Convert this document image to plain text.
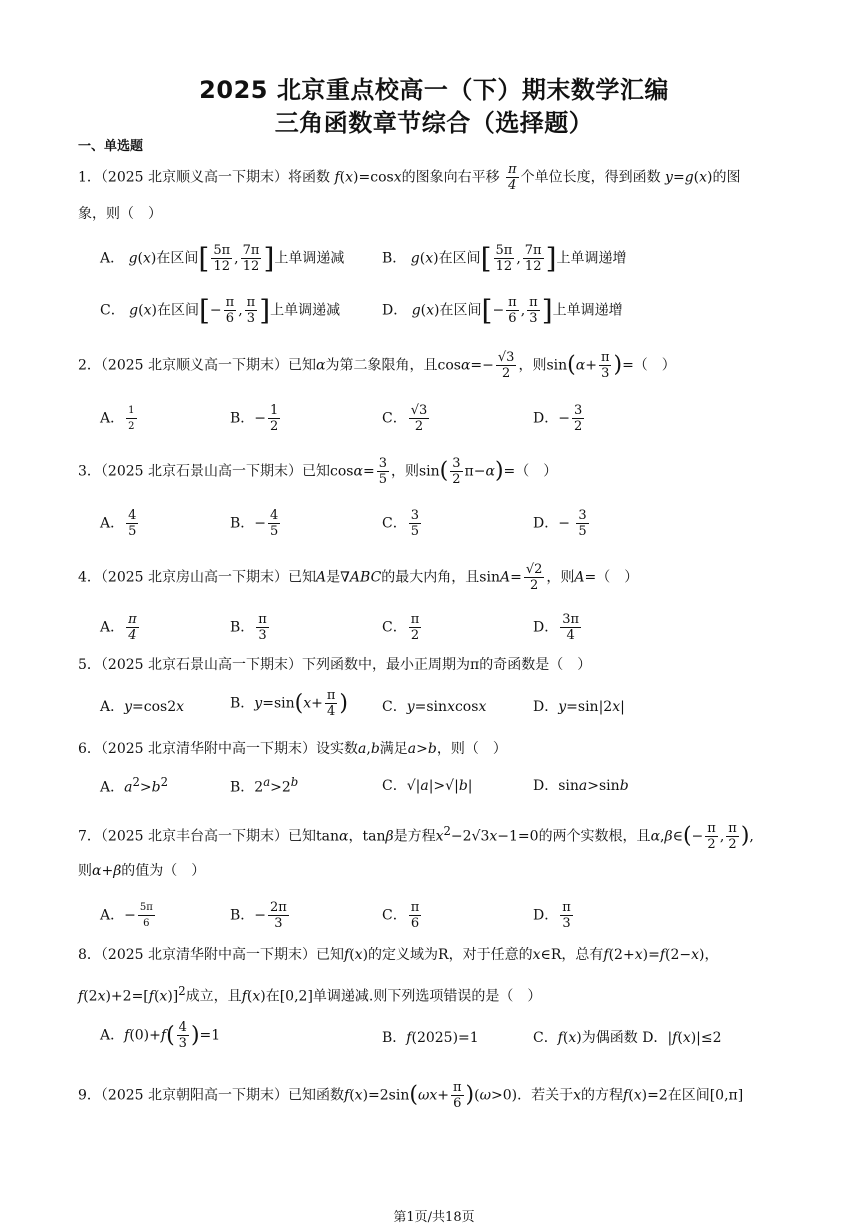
2025 北京重点校高一（下）期末数学汇编
三角函数章节综合（选择题）
一、单选题
1．（2025 北京顺义高一下期末）将函数 f(x)=cosx的图象向右平移 $\frac{\pi}{4}$ 个单位长度，得到函数 y=g(x)的图
象，则（　）
A． g(x)在区间[ $\frac{5\pi}{12}$ , $\frac{7\pi}{12}$ ]上单调递减	B． g(x)在区间[ $\frac{5\pi}{12}$ , $\frac{7\pi}{12}$ ]上单调递增
C． g(x)在区间[− $\frac{\pi}{6}$ , $\frac{\pi}{3}$ ]上单调递减	D． g(x)在区间[− $\frac{\pi}{6}$ , $\frac{\pi}{3}$ ]上单调递增
2．（2025 北京顺义高一下期末）已知α为第二象限角，且$\cos\alpha=- \frac{√3}{2}$ ，则$\sin(\alpha+ \frac{\pi}{3}$ )=（　）
A． $\frac{1}{2}$	B．− $\frac{1}{2}$	C． $\frac{√3}{2}$	D．− $\frac{3}{2}$
3．（2025 北京石景山高一下期末）已知$\cos\alpha= \frac{3}{5}$ ，则$\sin( \frac{3}{2} \pi-\alpha)=$（　）
A． $\frac{4}{5}$	B．− $\frac{4}{5}$	C． $\frac{3}{5}$	D．− $\frac{3}{5}$
4．（2025 北京房山高一下期末）已知A是∇ABC的最大内角，且$\sin A= \frac{√2}{2}$ ，则A=（　）
A． $\frac{\pi}{4}$	B． $\frac{\pi}{3}$	C． $\frac{\pi}{2}$	D． $\frac{3\pi}{4}$
5．（2025 北京石景山高一下期末）下列函数中，最小正周期为π的奇函数是（　）
A．y=cos2x	B．$y=\sin(x+ \frac{\pi}{4}$ ) C．y=sinxcosx	D．y=sin|2x|
6．（2025 北京清华附中高一下期末）设实数a,b满足a>b，则（　）
A．$a^2>b^2$	B．$2^a>2^b$	C．√|a|>√|b|	D．sina>sinb
7．（2025 北京丰台高一下期末）已知tanα，tanβ是方程$x^2-2√3x-1=0$的两个实数根，且α,β∈(− $\frac{\pi}{2}$ , $\frac{\pi}{2}$ ),
则α+β的值为（　）
A．− $\frac{5\pi}{6}$	B．− $\frac{2\pi}{3}$	C． $\frac{\pi}{6}$	D． $\frac{\pi}{3}$
8．（2025 北京清华附中高一下期末）已知f(x)的定义域为R，对于任意的x∈R，总有f(2+x)=f(2−x)，
$f(2x)+2=[f(x)]^2$成立，且f(x)在[0,2]单调递减.则下列选项错误的是（　）
A．$f(0)+f( \frac{4}{3} )=1$	B．f(2025)=1	C．f(x)为偶函数 D．|f(x)|≤2
9．（2025 北京朝阳高一下期末）已知函数$f(x)=2\sin(\omega x+ \frac{\pi}{6} )(\omega>0)$．若关于x的方程f(x)=2在区间[0,π]
第1页/共18页
